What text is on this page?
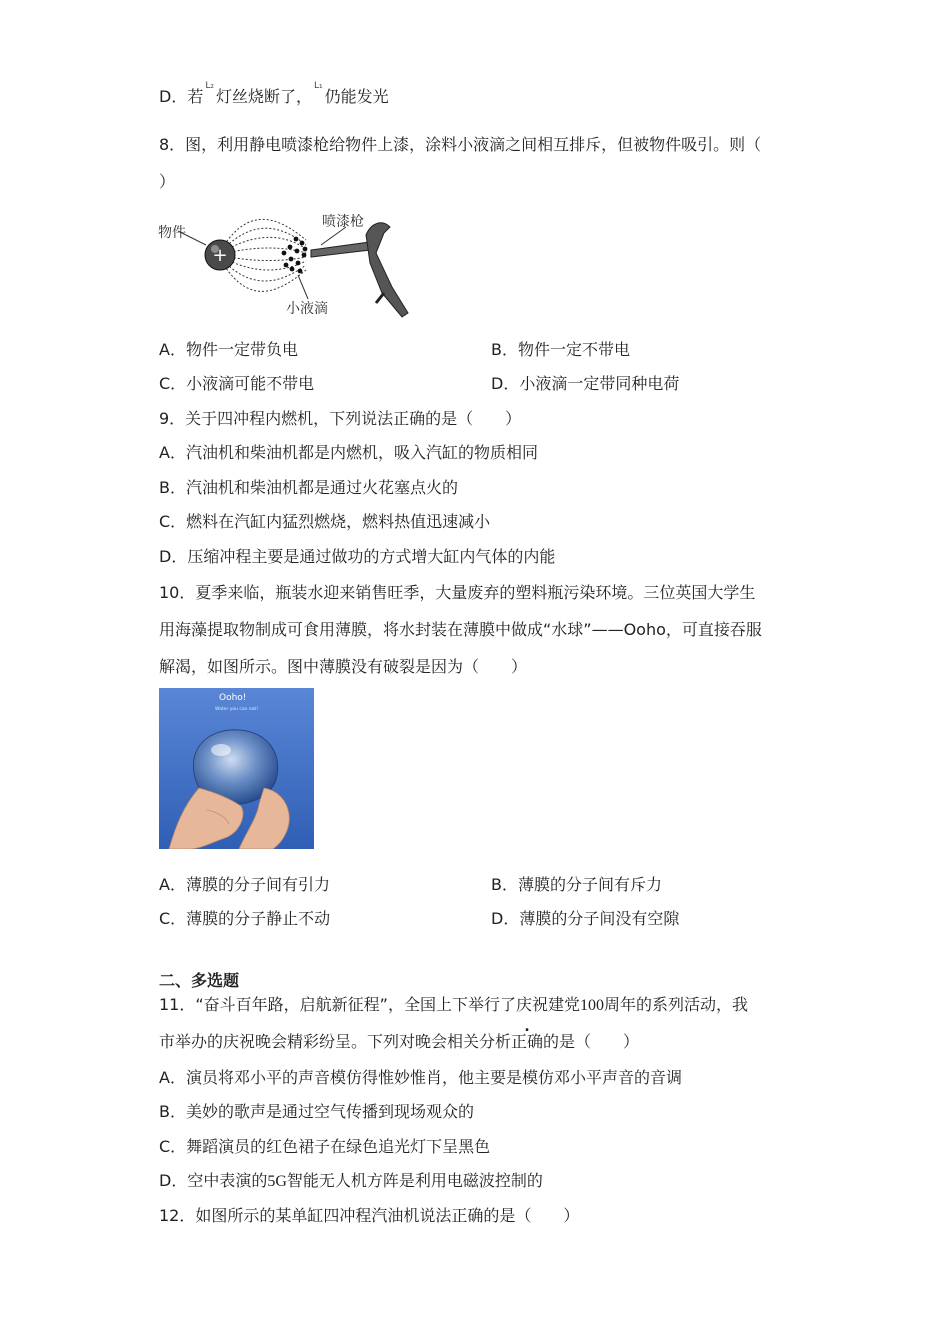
D．若$^{L_2}$灯丝烧断了，$^{L_1}$仍能发光
8．图，利用静电喷漆枪给物件上漆，涂料小液滴之间相互排斥，但被物件吸引。则（
）
+
物件
喷漆枪
小液滴
A．物件一定带负电	B．物件一定不带电
C．小液滴可能不带电	D．小液滴一定带同种电荷
9．关于四冲程内燃机，下列说法正确的是（　　）
A．汽油机和柴油机都是内燃机，吸入汽缸的物质相同
B．汽油机和柴油机都是通过火花塞点火的
C．燃料在汽缸内猛烈燃烧，燃料热值迅速减小
D．压缩冲程主要是通过做功的方式增大缸内气体的内能
10．夏季来临，瓶装水迎来销售旺季，大量废弃的塑料瓶污染环境。三位英国大学生
用海藻提取物制成可食用薄膜，将水封装在薄膜中做成“水球”——Ooho，可直接吞服
解渴，如图所示。图中薄膜没有破裂是因为（　　）
Ooho!
Water you can eat!
A．薄膜的分子间有引力	B．薄膜的分子间有斥力
C．薄膜的分子静止不动	D．薄膜的分子间没有空隙
二、多选题
11．“奋斗百年路，启航新征程”，全国上下举行了庆祝建党100周年的系列活动，我
市举办的庆祝晚会精彩纷呈。下列对晚会相关分析正确的是（　　）
A．演员将邓小平的声音模仿得惟妙惟肖，他主要是模仿邓小平声音的音调
B．美妙的歌声是通过空气传播到现场观众的
C．舞蹈演员的红色裙子在绿色追光灯下呈黑色
D．空中表演的5G智能无人机方阵是利用电磁波控制的
12．如图所示的某单缸四冲程汽油机说法正确的是（　　）
